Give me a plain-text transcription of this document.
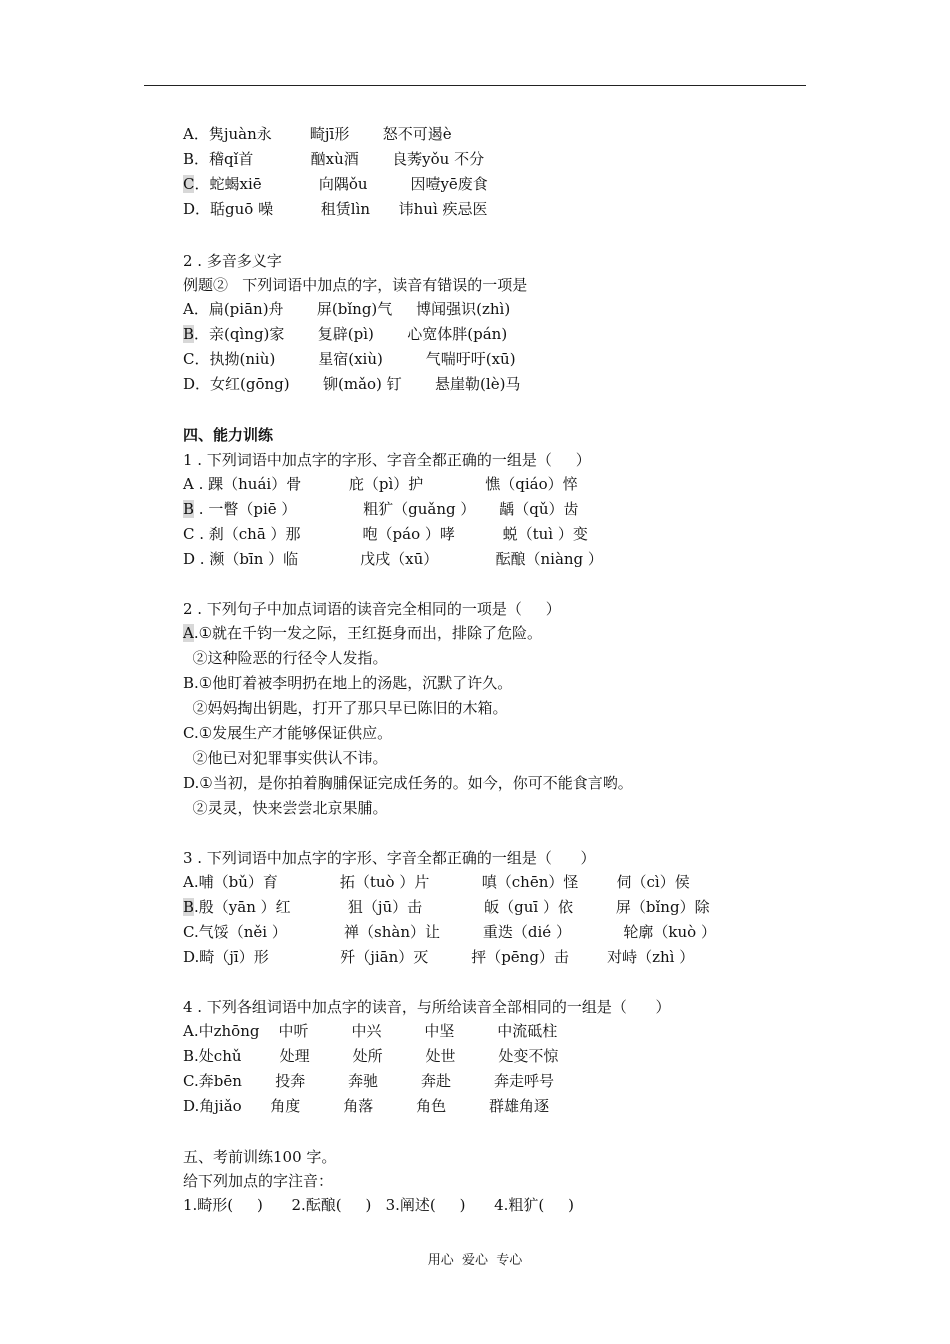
A．隽juàn永        畸jī形       怒不可遏è
B．稽qǐ首            酗xù酒       良莠yǒu 不分
C．蛇蝎xiē            向隅ǒu         因噎yē废食
D．聒guō 噪          租赁lìn      讳huì 疾忌医
2 . 多音多义字
例题②   下列词语中加点的字，读音有错误的一项是
A．扁(piān)舟       屏(bǐng)气     博闻强识(zhì)
B．亲(qìng)家       复辟(pì)       心宽体胖(pán)
C．执拗(niù)         星宿(xiù)         气喘吁吁(xū)
D．女红(gōng)       铆(mǎo) 钉       悬崖勒(lè)马
四、能力训练
1 . 下列词语中加点字的字形、字音全都正确的一组是（     ）
A . 踝（huái）骨          庇（pì）护             憔（qiáo）悴
B . 一瞥（piē ）              粗犷（guǎng ）     龋（qǔ）齿
C . 刹（chā ）那             咆（páo ）哮          蜕（tuì ）变
D . 濒（bīn ）临             戊戌（xū）            酝酿（niàng ）
2 . 下列句子中加点词语的读音完全相同的一项是（     ）
A.①就在千钧一发之际，王红挺身而出，排除了危险。
②这种险恶的行径令人发指。
B.①他盯着被李明扔在地上的汤匙，沉默了许久。
②妈妈掏出钥匙，打开了那只早已陈旧的木箱。
C.①发展生产才能够保证供应。
②他已对犯罪事实供认不讳。
D.①当初，是你拍着胸脯保证完成任务的。如今，你可不能食言哟。
②灵灵，快来尝尝北京果脯。
3 . 下列词语中加点字的字形、字音全都正确的一组是（      ）
A.哺（bǔ）育             拓（tuò ）片           嗔（chēn）怪        伺（cì）侯
B.殷（yān ）红            狙（jū）击             皈（guī ）依         屏（bǐng）除
C.气馁（něi ）            禅（shàn）让         重迭（dié ）           轮廓（kuò ）
D.畸（jī）形               歼（jiān）灭         抨（pēng）击        对峙（zhì ）
4 . 下列各组词语中加点字的读音，与所给读音全部相同的一组是（      ）
A.中zhōng    中听         中兴         中坚         中流砥柱
B.处chǔ        处理         处所         处世         处变不惊
C.奔bēn       投奔         奔驰         奔赴         奔走呼号
D.角jiǎo      角度         角落         角色         群雄角逐
五、考前训练100 字。
给下列加点的字注音：
1.畸形(     )      2.酝酿(     )   3.阐述(     )      4.粗犷(     )
用心  爱心  专心
